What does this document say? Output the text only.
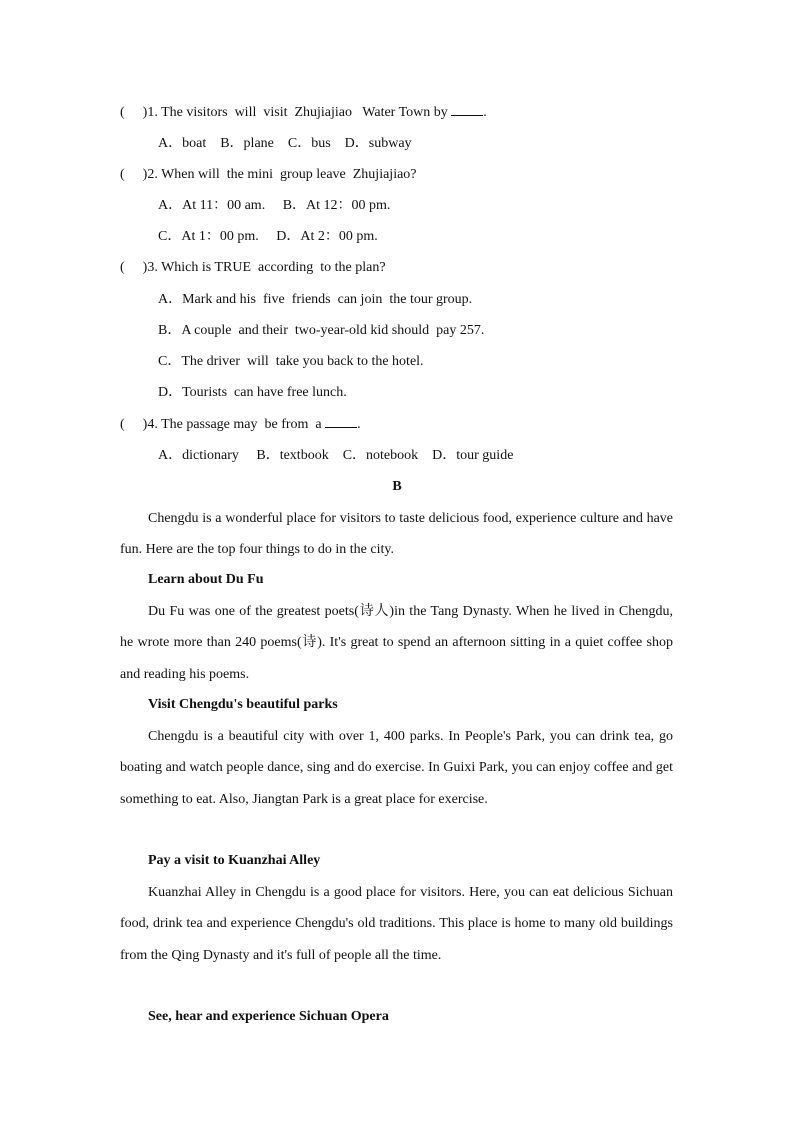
( )1. The visitors  will  visit  Zhujiajiao   Water Town by	.
A．boat    B．plane    C．bus    D．subway
( )2. When will  the mini  group leave  Zhujiajiao?
A．At 11：00 am.     B．At 12：00 pm.
C．At 1：00 pm.     D．At 2：00 pm.
( )3. Which is TRUE  according  to the plan?
A．Mark and his  five  friends  can join  the tour group.
B．A couple  and their  two-year-old kid should  pay 257.
C．The driver  will  take you back to the hotel.
D．Tourists  can have free lunch.
( )4. The passage may  be from  a	.
A．dictionary     B．textbook    C．notebook    D．tour guide
B

Chengdu is a wonderful place for visitors to taste delicious food, experience culture and have fun. Here are the top four things to do in the city.

Learn about Du Fu

Du Fu was one of the greatest poets(诗人)in the Tang Dynasty. When he lived in Chengdu, he wrote more than 240 poems(诗). It's great to spend an afternoon sitting in a quiet coffee shop and reading his poems.

Visit Chengdu's beautiful parks

Chengdu is a beautiful city with over 1, 400 parks. In People's Park, you can drink tea, go boating and watch people dance, sing and do exercise. In Guixi Park, you can enjoy coffee and get something to eat. Also, Jiangtan Park is a great place for exercise.

Pay a visit to Kuanzhai Alley

Kuanzhai Alley in Chengdu is a good place for visitors. Here, you can eat delicious Sichuan food, drink tea and experience Chengdu's old traditions. This place is home to many old buildings from the Qing Dynasty and it's full of people all the time.

See, hear and experience Sichuan Opera
